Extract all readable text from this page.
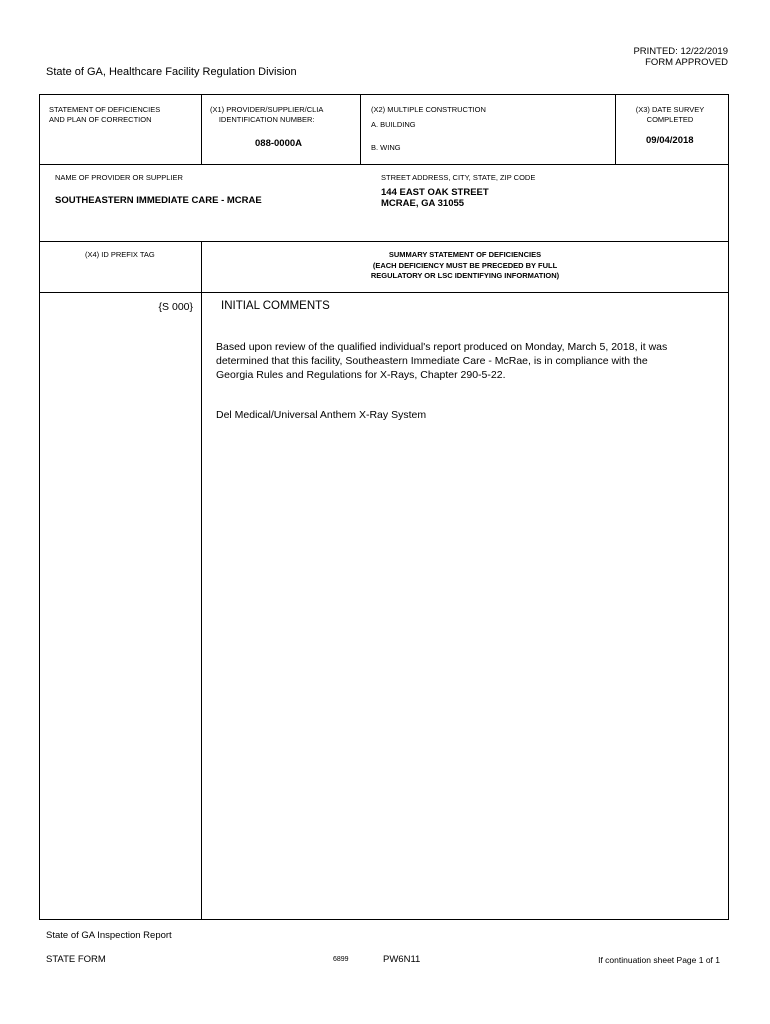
PRINTED: 12/22/2019
FORM APPROVED
State of GA, Healthcare Facility Regulation Division
STATEMENT OF DEFICIENCIES
AND PLAN OF CORRECTION
(X1) PROVIDER/SUPPLIER/CLIA
IDENTIFICATION NUMBER:
088-0000A
(X2) MULTIPLE CONSTRUCTION
A. BUILDING
B. WING
(X3) DATE SURVEY
COMPLETED
09/04/2018
NAME OF PROVIDER OR SUPPLIER
SOUTHEASTERN IMMEDIATE CARE - MCRAE
STREET ADDRESS, CITY, STATE, ZIP CODE
144 EAST OAK STREET
MCRAE, GA 31055
(X4) ID PREFIX TAG	SUMMARY STATEMENT OF DEFICIENCIES
(EACH DEFICIENCY MUST BE PRECEDED BY FULL
REGULATORY OR LSC IDENTIFYING INFORMATION)
{S 000} INITIAL COMMENTS
Based upon review of the qualified individual's report produced on Monday, March 5, 2018, it was
determined that this facility, Southeastern Immediate Care - McRae, is in compliance with the
Georgia Rules and Regulations for X-Rays, Chapter 290-5-22.
Del Medical/Universal Anthem X-Ray System
State of GA Inspection Report
STATE FORM	6899	PW6N11	If continuation sheet Page 1 of 1
